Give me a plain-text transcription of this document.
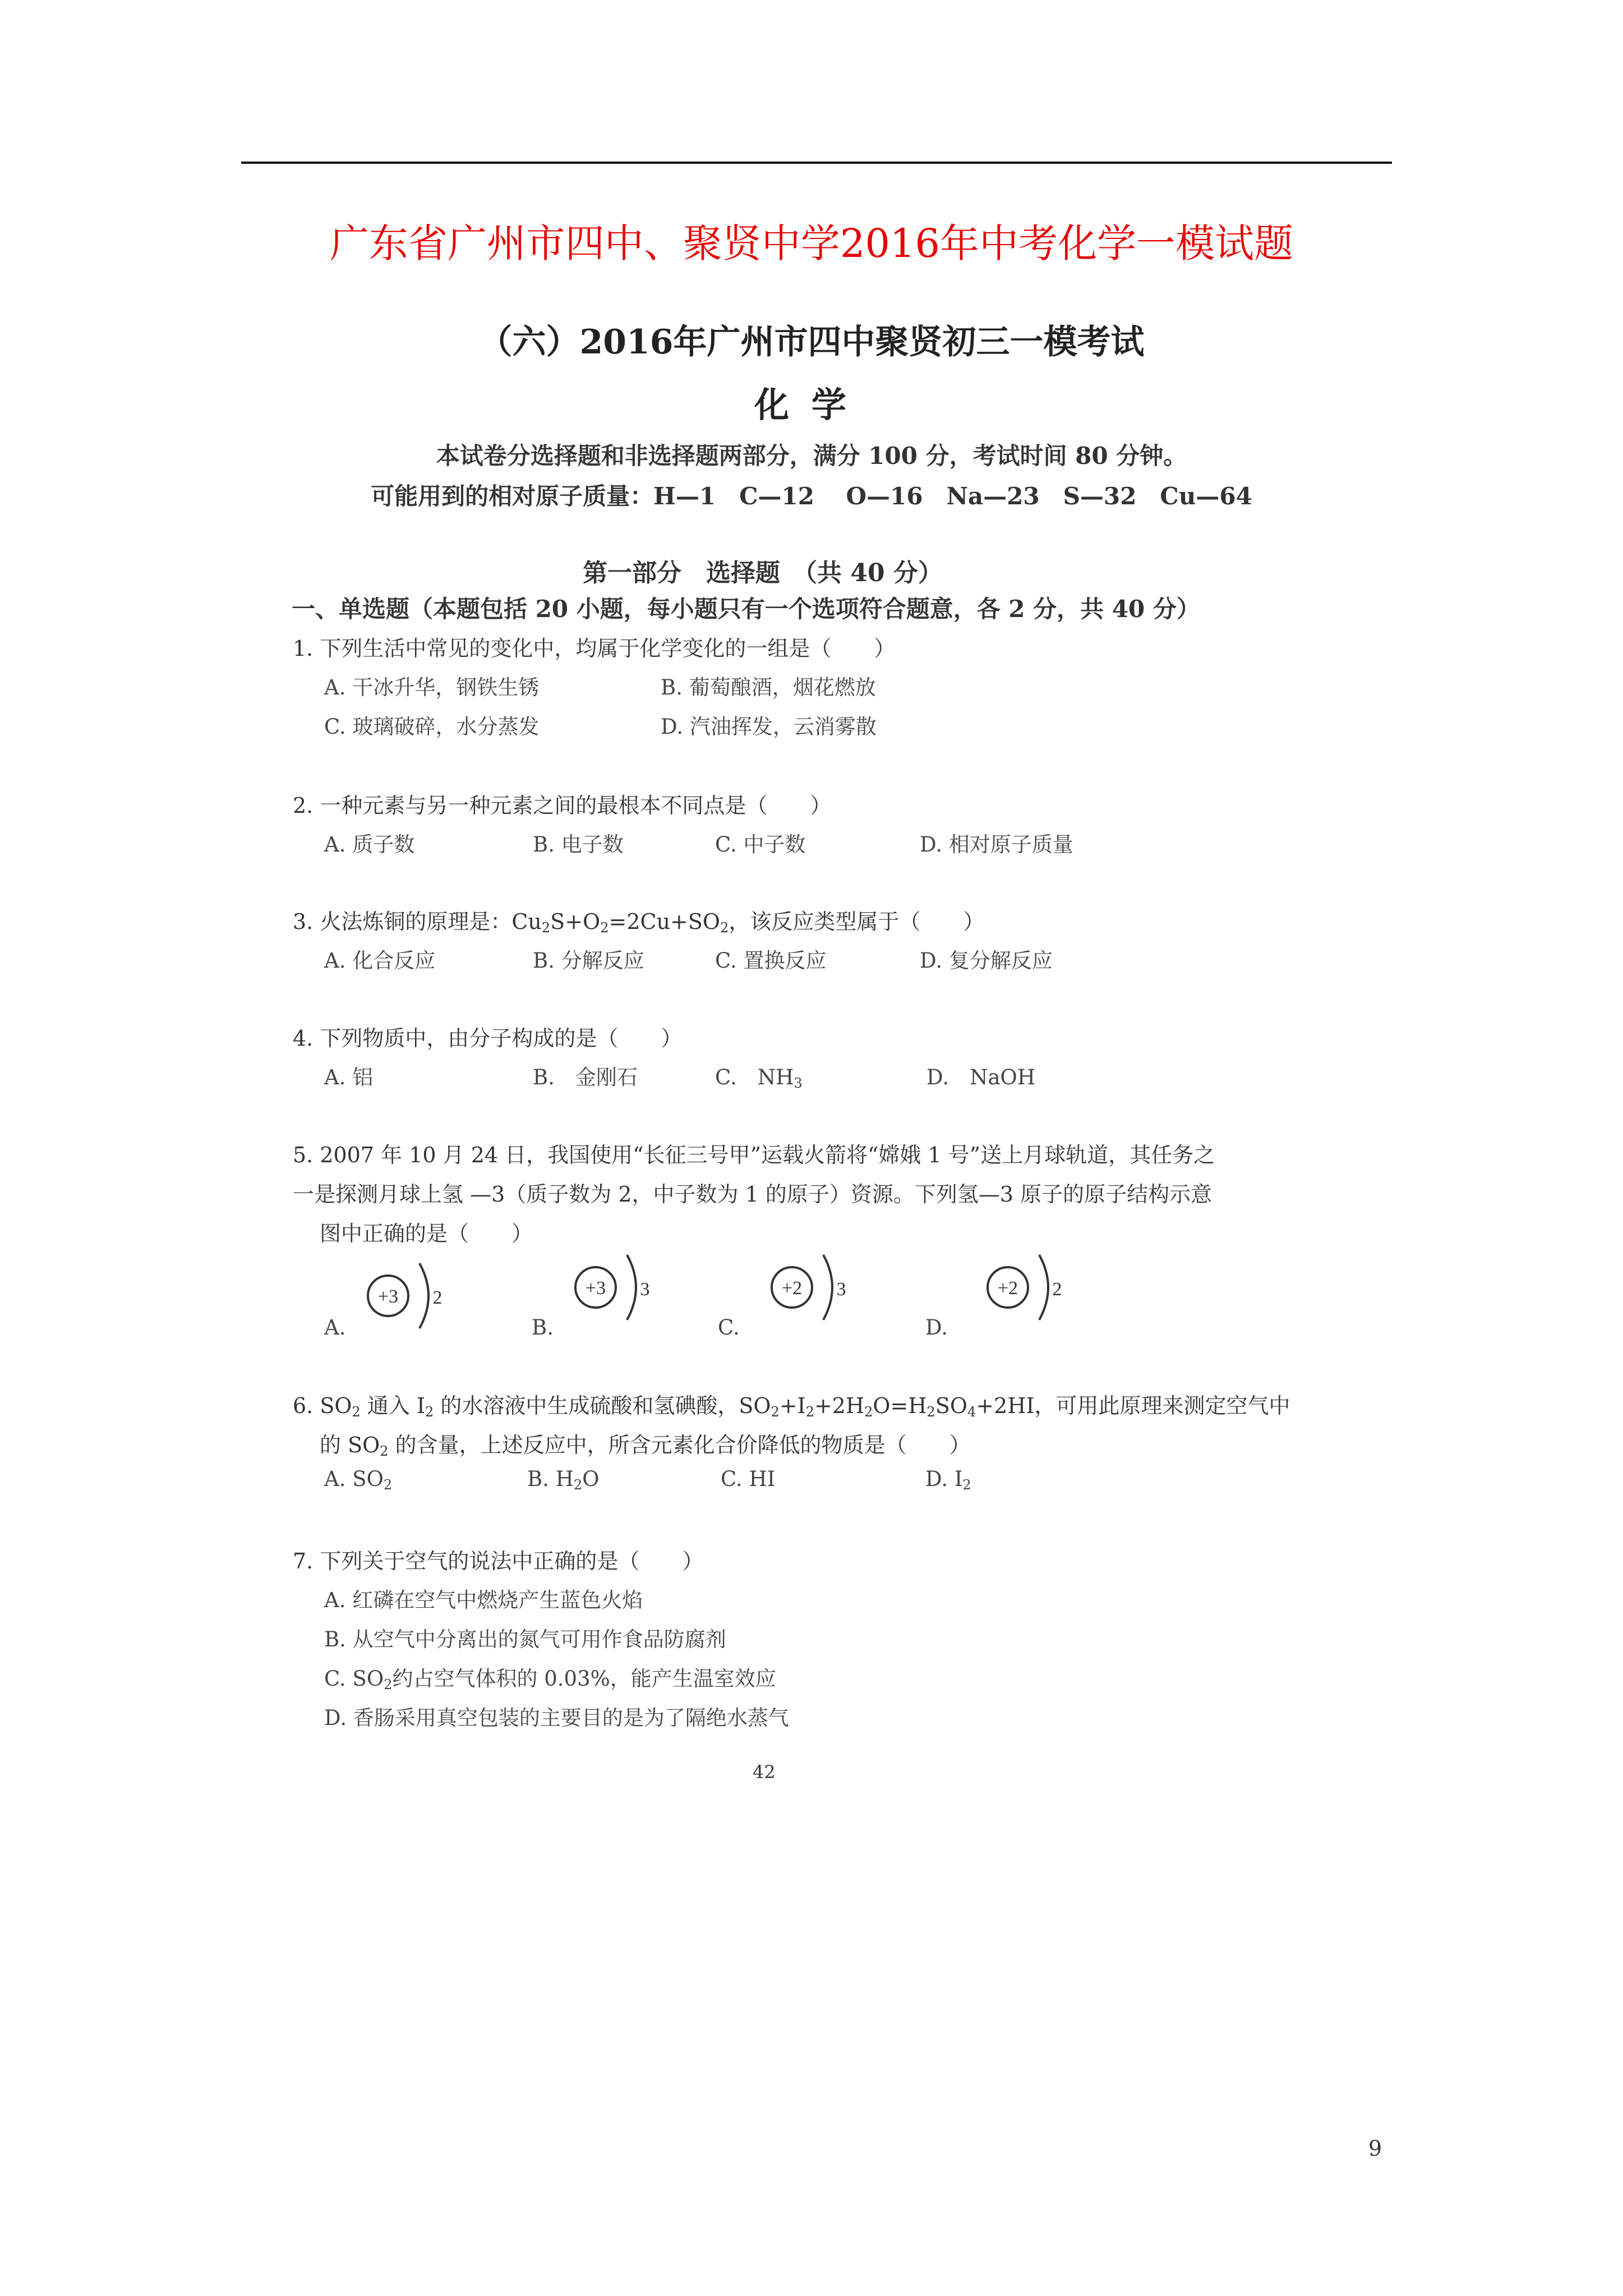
广东省广州市四中、聚贤中学2016年中考化学一模试题
（六）2016年广州市四中聚贤初三一模考试
化学
本试卷分选择题和非选择题两部分，满分 100 分，考试时间 80 分钟。
可能用到的相对原子质量：H—1　C—12　 O—16　Na—23　S—32　Cu—64
第一部分　选择题　（共 40 分）
一、单选题（本题包括 20 小题，每小题只有一个选项符合题意，各 2 分，共 40 分）
1. 下列生活中常见的变化中，均属于化学变化的一组是（　　）
A. 干冰升华，钢铁生锈	B. 葡萄酿酒，烟花燃放
C. 玻璃破碎，水分蒸发	D. 汽油挥发，云消雾散
2. 一种元素与另一种元素之间的最根本不同点是（　　）
A. 质子数	B. 电子数	C. 中子数	D. 相对原子质量
3. 火法炼铜的原理是：$Cu_2S+O_2=2Cu+SO_2$，该反应类型属于（　　）
A. 化合反应	B. 分解反应	C. 置换反应	D. 复分解反应
4. 下列物质中，由分子构成的是（　　）
A. 铝	B.　金刚石	C.　$NH_3$	D.　NaOH
5. 2007 年 10 月 24 日，我国使用“长征三号甲”运载火箭将“嫦娥 1 号”送上月球轨道，其任务之
一是探测月球上氢 —3（质子数为 2，中子数为 1 的原子）资源。下列氢—3 原子的原子结构示意
图中正确的是（　　）
+3 2	+3 3	+2 3	+2 2
A.	B.	C.	D.
6. $SO_2$ 通入 $I_2$ 的水溶液中生成硫酸和氢碘酸，$SO_2+I_2+2H_2O=H_2SO_4+2HI$，可用此原理来测定空气中
的 $SO_2$ 的含量，上述反应中，所含元素化合价降低的物质是（　　）
A. $SO_2$	B. $H_2O$	C. HI	D. $I_2$
7. 下列关于空气的说法中正确的是（　　）
A. 红磷在空气中燃烧产生蓝色火焰
B. 从空气中分离出的氮气可用作食品防腐剂
C. $SO_2$约占空气体积的 0.03%，能产生温室效应
D. 香肠采用真空包装的主要目的是为了隔绝水蒸气
42
9
